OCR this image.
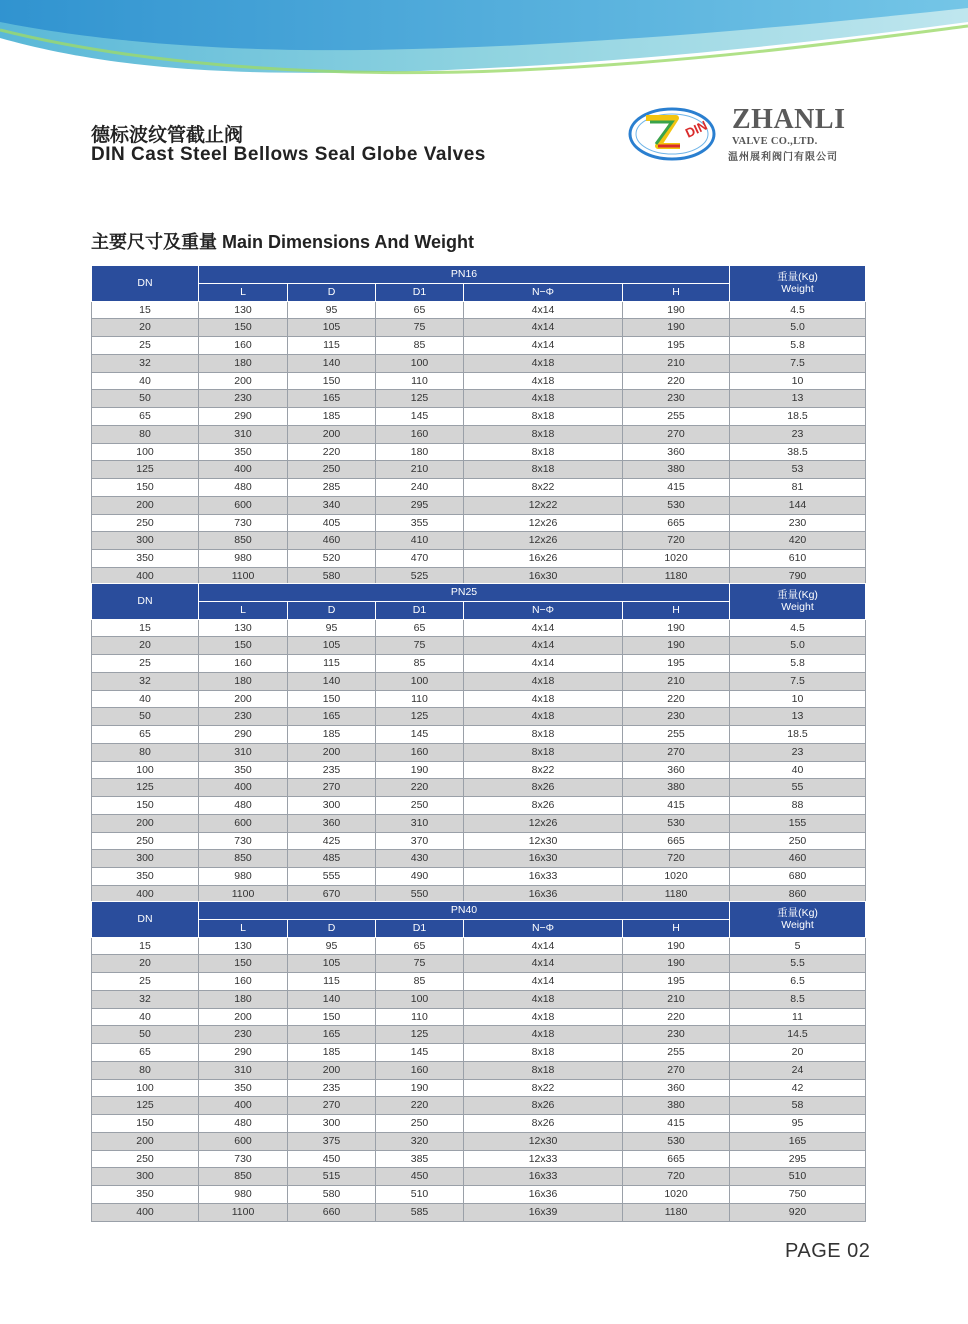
德标波纹管截止阀
DIN Cast Steel Bellows Seal Globe Valves
DIN ZHANLI
VALVE CO.,LTD.
温州展利阀门有限公司
主要尺寸及重量 Main Dimensions And Weight
DN	PN16					重量(Kg)
Weight
	L	D	D1	N−Φ	H	
15	130	95	65	4x14	190	4.5
20	150	105	75	4x14	190	5.0
25	160	115	85	4x14	195	5.8
32	180	140	100	4x18	210	7.5
40	200	150	110	4x18	220	10
50	230	165	125	4x18	230	13
65	290	185	145	8x18	255	18.5
80	310	200	160	8x18	270	23
100	350	220	180	8x18	360	38.5
125	400	250	210	8x18	380	53
150	480	285	240	8x22	415	81
200	600	340	295	12x22	530	144
250	730	405	355	12x26	665	230
300	850	460	410	12x26	720	420
350	980	520	470	16x26	1020	610
400	1100	580	525	16x30	1180	790
DN	PN25					重量(Kg)
Weight
	L	D	D1	N−Φ	H	
15	130	95	65	4x14	190	4.5
20	150	105	75	4x14	190	5.0
25	160	115	85	4x14	195	5.8
32	180	140	100	4x18	210	7.5
40	200	150	110	4x18	220	10
50	230	165	125	4x18	230	13
65	290	185	145	8x18	255	18.5
80	310	200	160	8x18	270	23
100	350	235	190	8x22	360	40
125	400	270	220	8x26	380	55
150	480	300	250	8x26	415	88
200	600	360	310	12x26	530	155
250	730	425	370	12x30	665	250
300	850	485	430	16x30	720	460
350	980	555	490	16x33	1020	680
400	1100	670	550	16x36	1180	860
DN	PN40					重量(Kg)
Weight
	L	D	D1	N−Φ	H	
15	130	95	65	4x14	190	5
20	150	105	75	4x14	190	5.5
25	160	115	85	4x14	195	6.5
32	180	140	100	4x18	210	8.5
40	200	150	110	4x18	220	11
50	230	165	125	4x18	230	14.5
65	290	185	145	8x18	255	20
80	310	200	160	8x18	270	24
100	350	235	190	8x22	360	42
125	400	270	220	8x26	380	58
150	480	300	250	8x26	415	95
200	600	375	320	12x30	530	165
250	730	450	385	12x33	665	295
300	850	515	450	16x33	720	510
350	980	580	510	16x36	1020	750
400	1100	660	585	16x39	1180	920
PAGE 02
